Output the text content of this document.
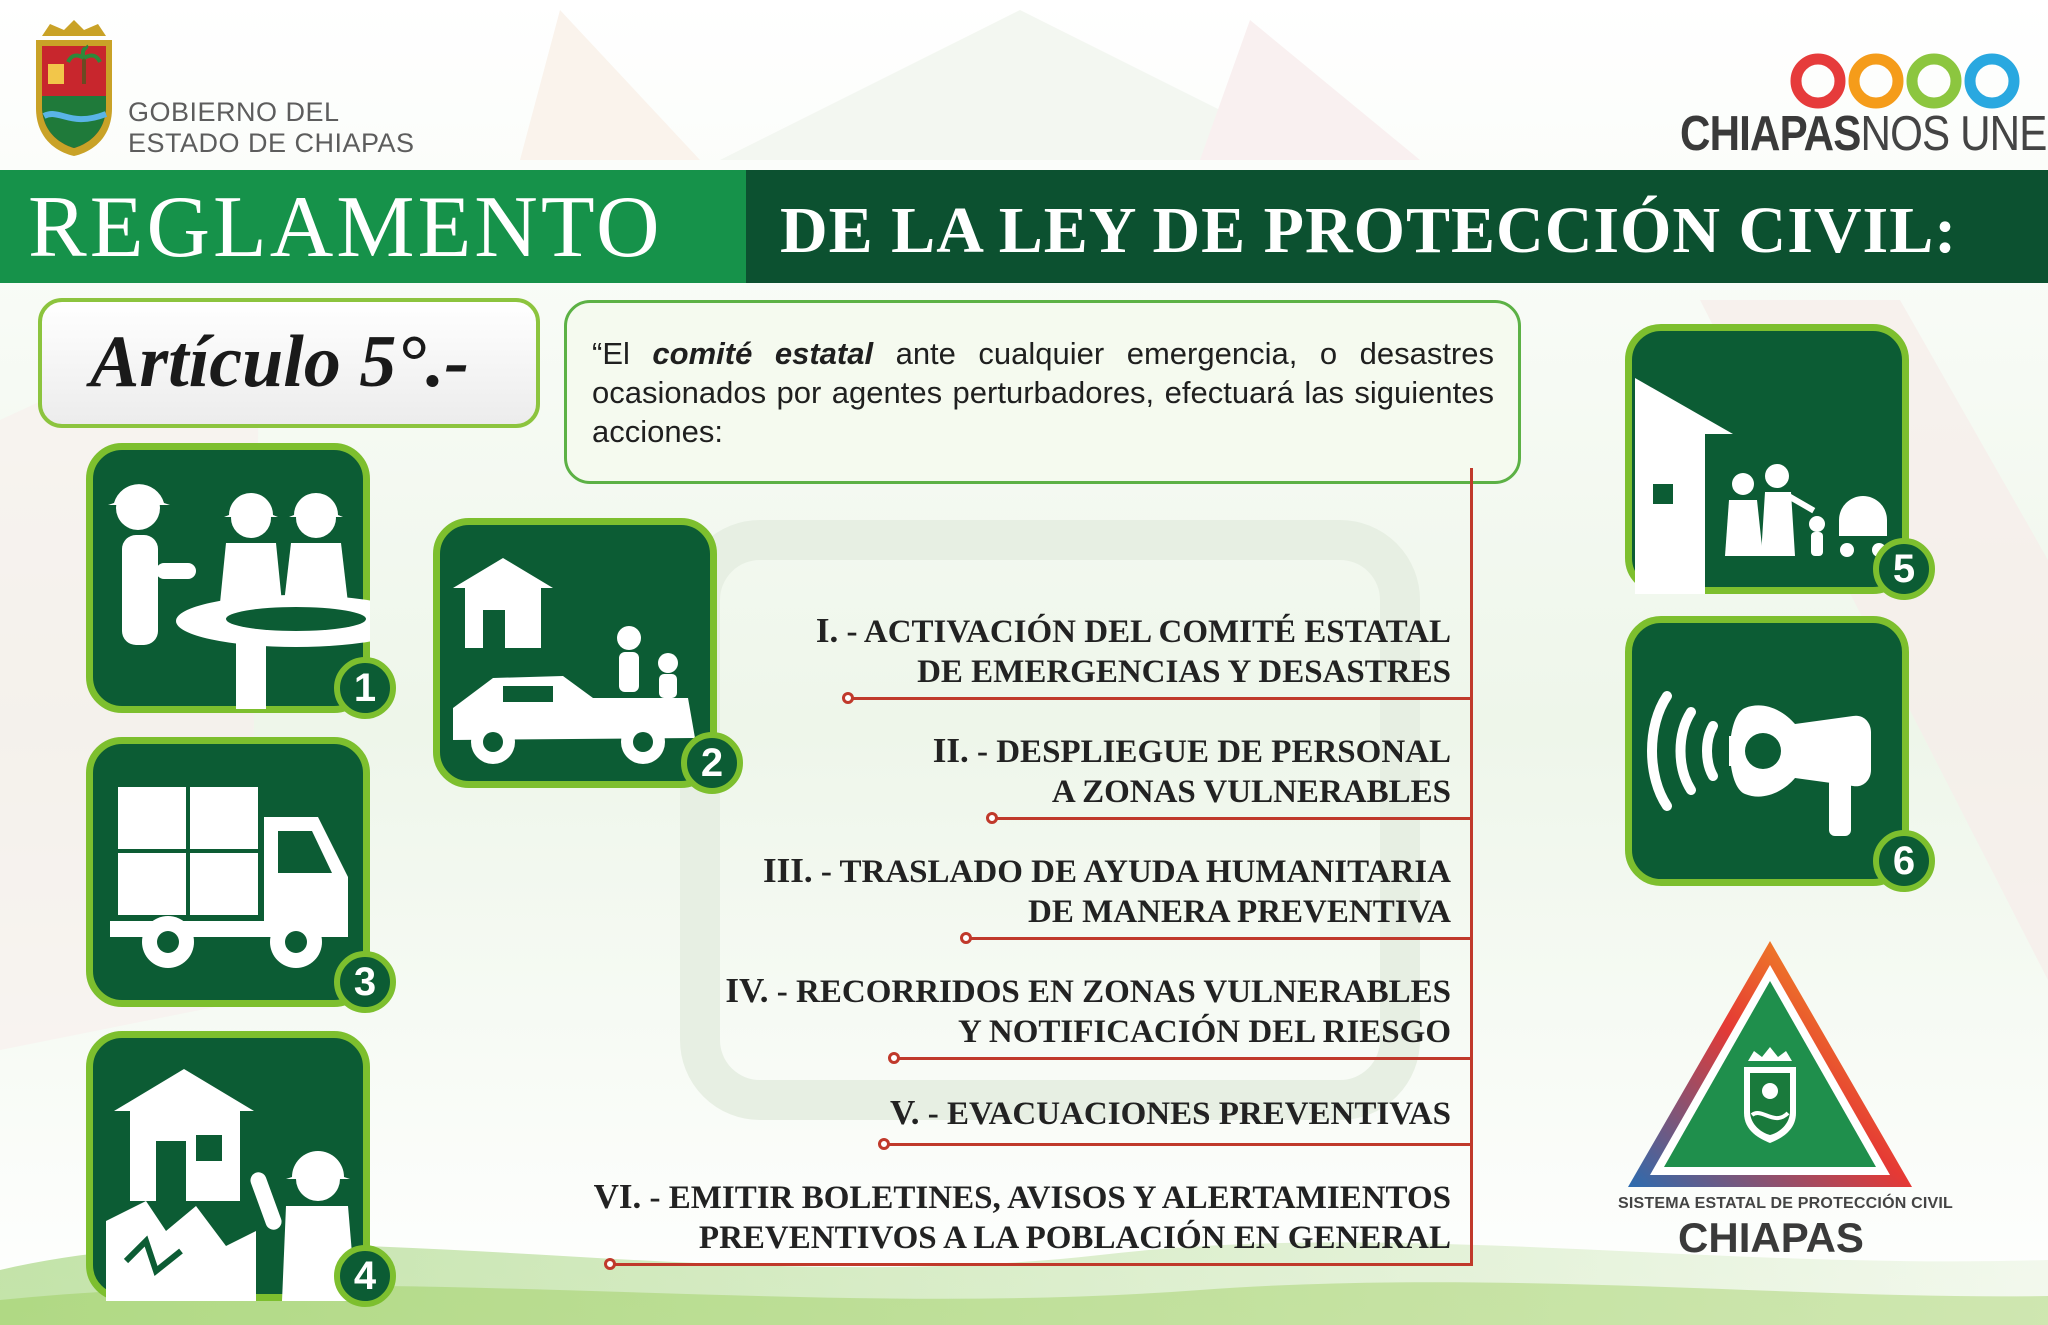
GOBIERNO DEL
ESTADO DE CHIAPAS	CHIAPASNOS UNE
REGLAMENTO DE LA LEY DE PROTECCIÓN CIVIL:
Artículo 5°.-	“El comité estatal ante cualquier emergencia, o desastres ocasionados por agentes perturbadores, efectuará las siguientes acciones:
1
2
3
4
5
6
I. - ACTIVACIÓN DEL COMITÉ ESTATAL
DE EMERGENCIAS Y DESASTRES
II. - DESPLIEGUE DE PERSONAL
A ZONAS VULNERABLES
III. - TRASLADO DE AYUDA HUMANITARIA
DE MANERA PREVENTIVA
IV. - RECORRIDOS EN ZONAS VULNERABLES
Y NOTIFICACIÓN DEL RIESGO
V. - EVACUACIONES PREVENTIVAS
VI. - EMITIR BOLETINES, AVISOS Y ALERTAMIENTOS
PREVENTIVOS A LA POBLACIÓN EN GENERAL
SISTEMA ESTATAL DE PROTECCIÓN CIVIL
CHIAPAS
